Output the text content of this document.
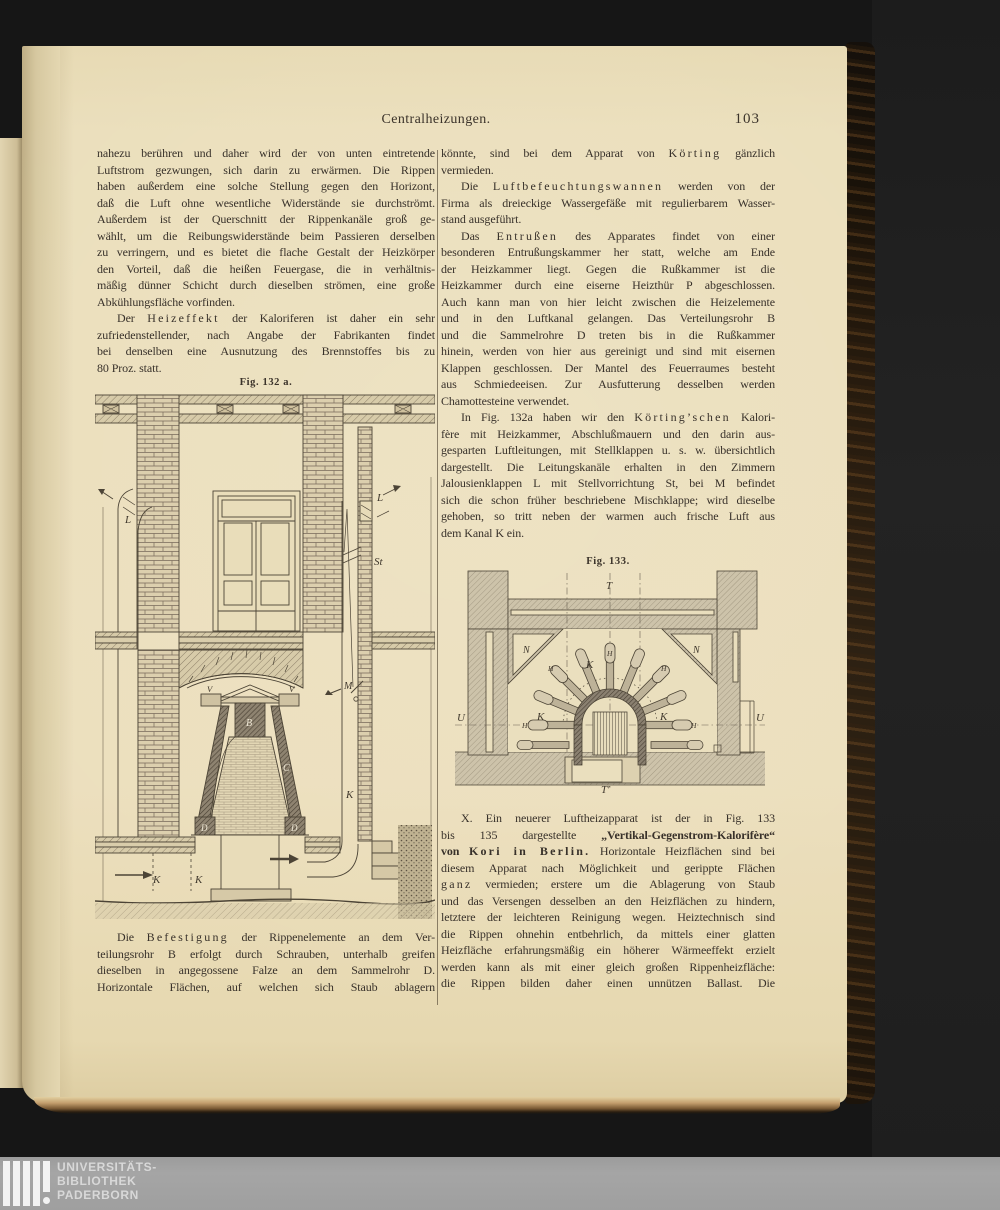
Centralheizungen.	103
nahezu berühren und daher wird der von unten eintretende
Luftstrom gezwungen, sich darin zu erwärmen. Die Rippen
haben außerdem eine solche Stellung gegen den Horizont,
daß die Luft ohne wesentliche Widerstände sie durchströmt.
Außerdem ist der Querschnitt der Rippenkanäle groß ge-
wählt, um die Reibungswiderstände beim Passieren derselben
zu verringern, und es bietet die flache Gestalt der Heizkörper
den Vorteil, daß die heißen Feuergase, die in verhältnis-
mäßig dünner Schicht durch dieselben strömen, eine große
Abkühlungsfläche vorfinden.
Der Heizeffekt der Kaloriferen ist daher ein sehr
zufriedenstellender, nach Angabe der Fabrikanten findet
bei denselben eine Ausnutzung des Brennstoffes bis zu
80 Proz. statt.
Fig. 132 a.
L
L
St
M
V	V
B
C
D	D
K
K	K
Die Befestigung der Rippenelemente an dem Ver-
teilungsrohr B erfolgt durch Schrauben, unterhalb greifen
dieselben in angegossene Falze an dem Sammelrohr D.
Horizontale Flächen, auf welchen sich Staub ablagern
könnte, sind bei dem Apparat von Körting gänzlich
vermieden.
Die Luftbefeuchtungswannen werden von der
Firma als dreieckige Wassergefäße mit regulierbarem Wasser-
stand ausgeführt.
Das Entrußen des Apparates findet von einer
besonderen Entrußungskammer her statt, welche am Ende
der Heizkammer liegt. Gegen die Rußkammer ist die
Heizkammer durch eine eiserne Heizthür P abgeschlossen.
Auch kann man von hier leicht zwischen die Heizelemente
und in den Luftkanal gelangen. Das Verteilungsrohr B
und die Sammelrohre D treten bis in die Rußkammer
hinein, werden von hier aus gereinigt und sind mit eisernen
Klappen geschlossen. Der Mantel des Feuerraumes besteht
aus Schmiedeeisen. Zur Ausfutterung desselben werden
Chamottesteine verwendet.
In Fig. 132a haben wir den Körting’schen Kalori-
fère mit Heizkammer, Abschlußmauern und den darin aus-
gesparten Luftleitungen, mit Stellklappen u. s. w. übersichtlich
dargestellt. Die Leitungskanäle erhalten in den Zimmern
Jalousienklappen L mit Stellvorrichtung St, bei M befindet
sich die schon früher beschriebene Mischklappe; wird dieselbe
gehoben, so tritt neben der warmen auch frische Luft aus
dem Kanal K ein.
Fig. 133.
T
T'
U	U
N	N
K
K	K
H
H	H
H	H
X. Ein neuerer Luftheizapparat ist der in Fig. 133
bis 135 dargestellte „Vertikal-Gegenstrom-Kalorifère“
von Kori in Berlin. Horizontale Heizflächen sind bei
diesem Apparat nach Möglichkeit und gerippte Flächen
ganz vermieden; erstere um die Ablagerung von Staub
und das Versengen desselben an den Heizflächen zu hindern,
letztere der leichteren Reinigung wegen. Heiztechnisch sind
die Rippen ohnehin entbehrlich, da mittels einer glatten
Heizfläche erfahrungsmäßig ein höherer Wärmeeffekt erzielt
werden kann als mit einer gleich großen Rippenheizfläche:
die Rippen bilden daher einen unnützen Ballast. Die
UNIVERSITÄTS-
BIBLIOTHEK
PADERBORN
